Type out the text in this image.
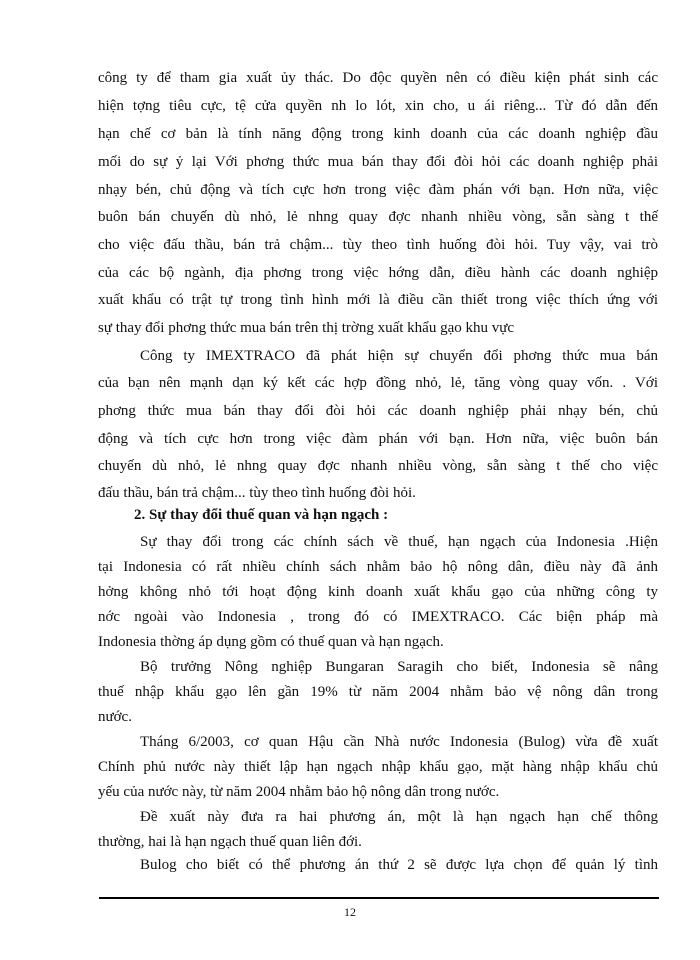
công ty để tham gia xuất ủy thác. Do độc quyền nên có điều kiện phát sinh các
hiện tợng tiêu cực, tệ cửa quyền nh lo lót, xin cho, u ái riêng... Từ đó dẫn đến
hạn chế cơ bản là tính năng động trong kinh doanh của các doanh nghiệp đầu
mối do sự ỷ lại Với phơng thức mua bán thay đổi đòi hỏi các doanh nghiệp phải
nhạy bén, chủ động và tích cực hơn trong việc đàm phán với bạn. Hơn nữa, việc
buôn bán chuyến dù nhỏ, lẻ nhng quay đợc nhanh nhiều vòng, sẵn sàng t thế
cho việc đấu thầu, bán trả chậm... tùy theo tình huống đòi hỏi. Tuy vậy, vai trò
của các bộ ngành, địa phơng trong việc hớng dẫn, điều hành các doanh nghiệp
xuất khẩu có trật tự trong tình hình mới là điều cần thiết trong việc thích ứng với
sự thay đổi phơng thức mua bán trên thị trờng xuất khẩu gạo khu vực
Công ty IMEXTRACO đã phát hiện sự chuyển đổi phơng thức mua bán
của bạn nên mạnh dạn ký kết các hợp đồng nhỏ, lẻ, tăng vòng quay vốn. . Với
phơng thức mua bán thay đổi đòi hỏi các doanh nghiệp phải nhạy bén, chủ
động và tích cực hơn trong việc đàm phán với bạn. Hơn nữa, việc buôn bán
chuyến dù nhỏ, lẻ nhng quay đợc nhanh nhiều vòng, sẵn sàng t thế cho việc
đấu thầu, bán trả chậm... tùy theo tình huống đòi hỏi.
2. Sự thay đổi thuế quan và hạn ngạch :
Sự thay đổi trong các chính sách về thuế, hạn ngạch của Indonesia .Hiện
tại Indonesia có rất nhiều chính sách nhằm bảo hộ nông dân, điều này đã ảnh
hởng không nhỏ tới hoạt động kinh doanh xuất khẩu gạo của những công ty
nớc ngoài vào Indonesia , trong đó có IMEXTRACO. Các biện pháp mà
Indonesia thờng áp dụng gồm có thuế quan và hạn ngạch.
Bộ trưởng Nông nghiệp Bungaran Saragih cho biết, Indonesia sẽ nâng
thuế nhập khẩu gạo lên gần 19% từ năm 2004 nhằm bảo vệ nông dân trong
nước.
Tháng 6/2003, cơ quan Hậu cần Nhà nước Indonesia (Bulog) vừa đề xuất
Chính phủ nước này thiết lập hạn ngạch nhập khẩu gạo, mặt hàng nhập khẩu chủ
yếu của nước này, từ năm 2004 nhằm bảo hộ nông dân trong nước.
Đề xuất này đưa ra hai phương án, một là hạn ngạch hạn chế thông
thường, hai là hạn ngạch thuế quan liên đới.
Bulog cho biết có thể phương án thứ 2 sẽ được lựa chọn để quản lý tình
12
